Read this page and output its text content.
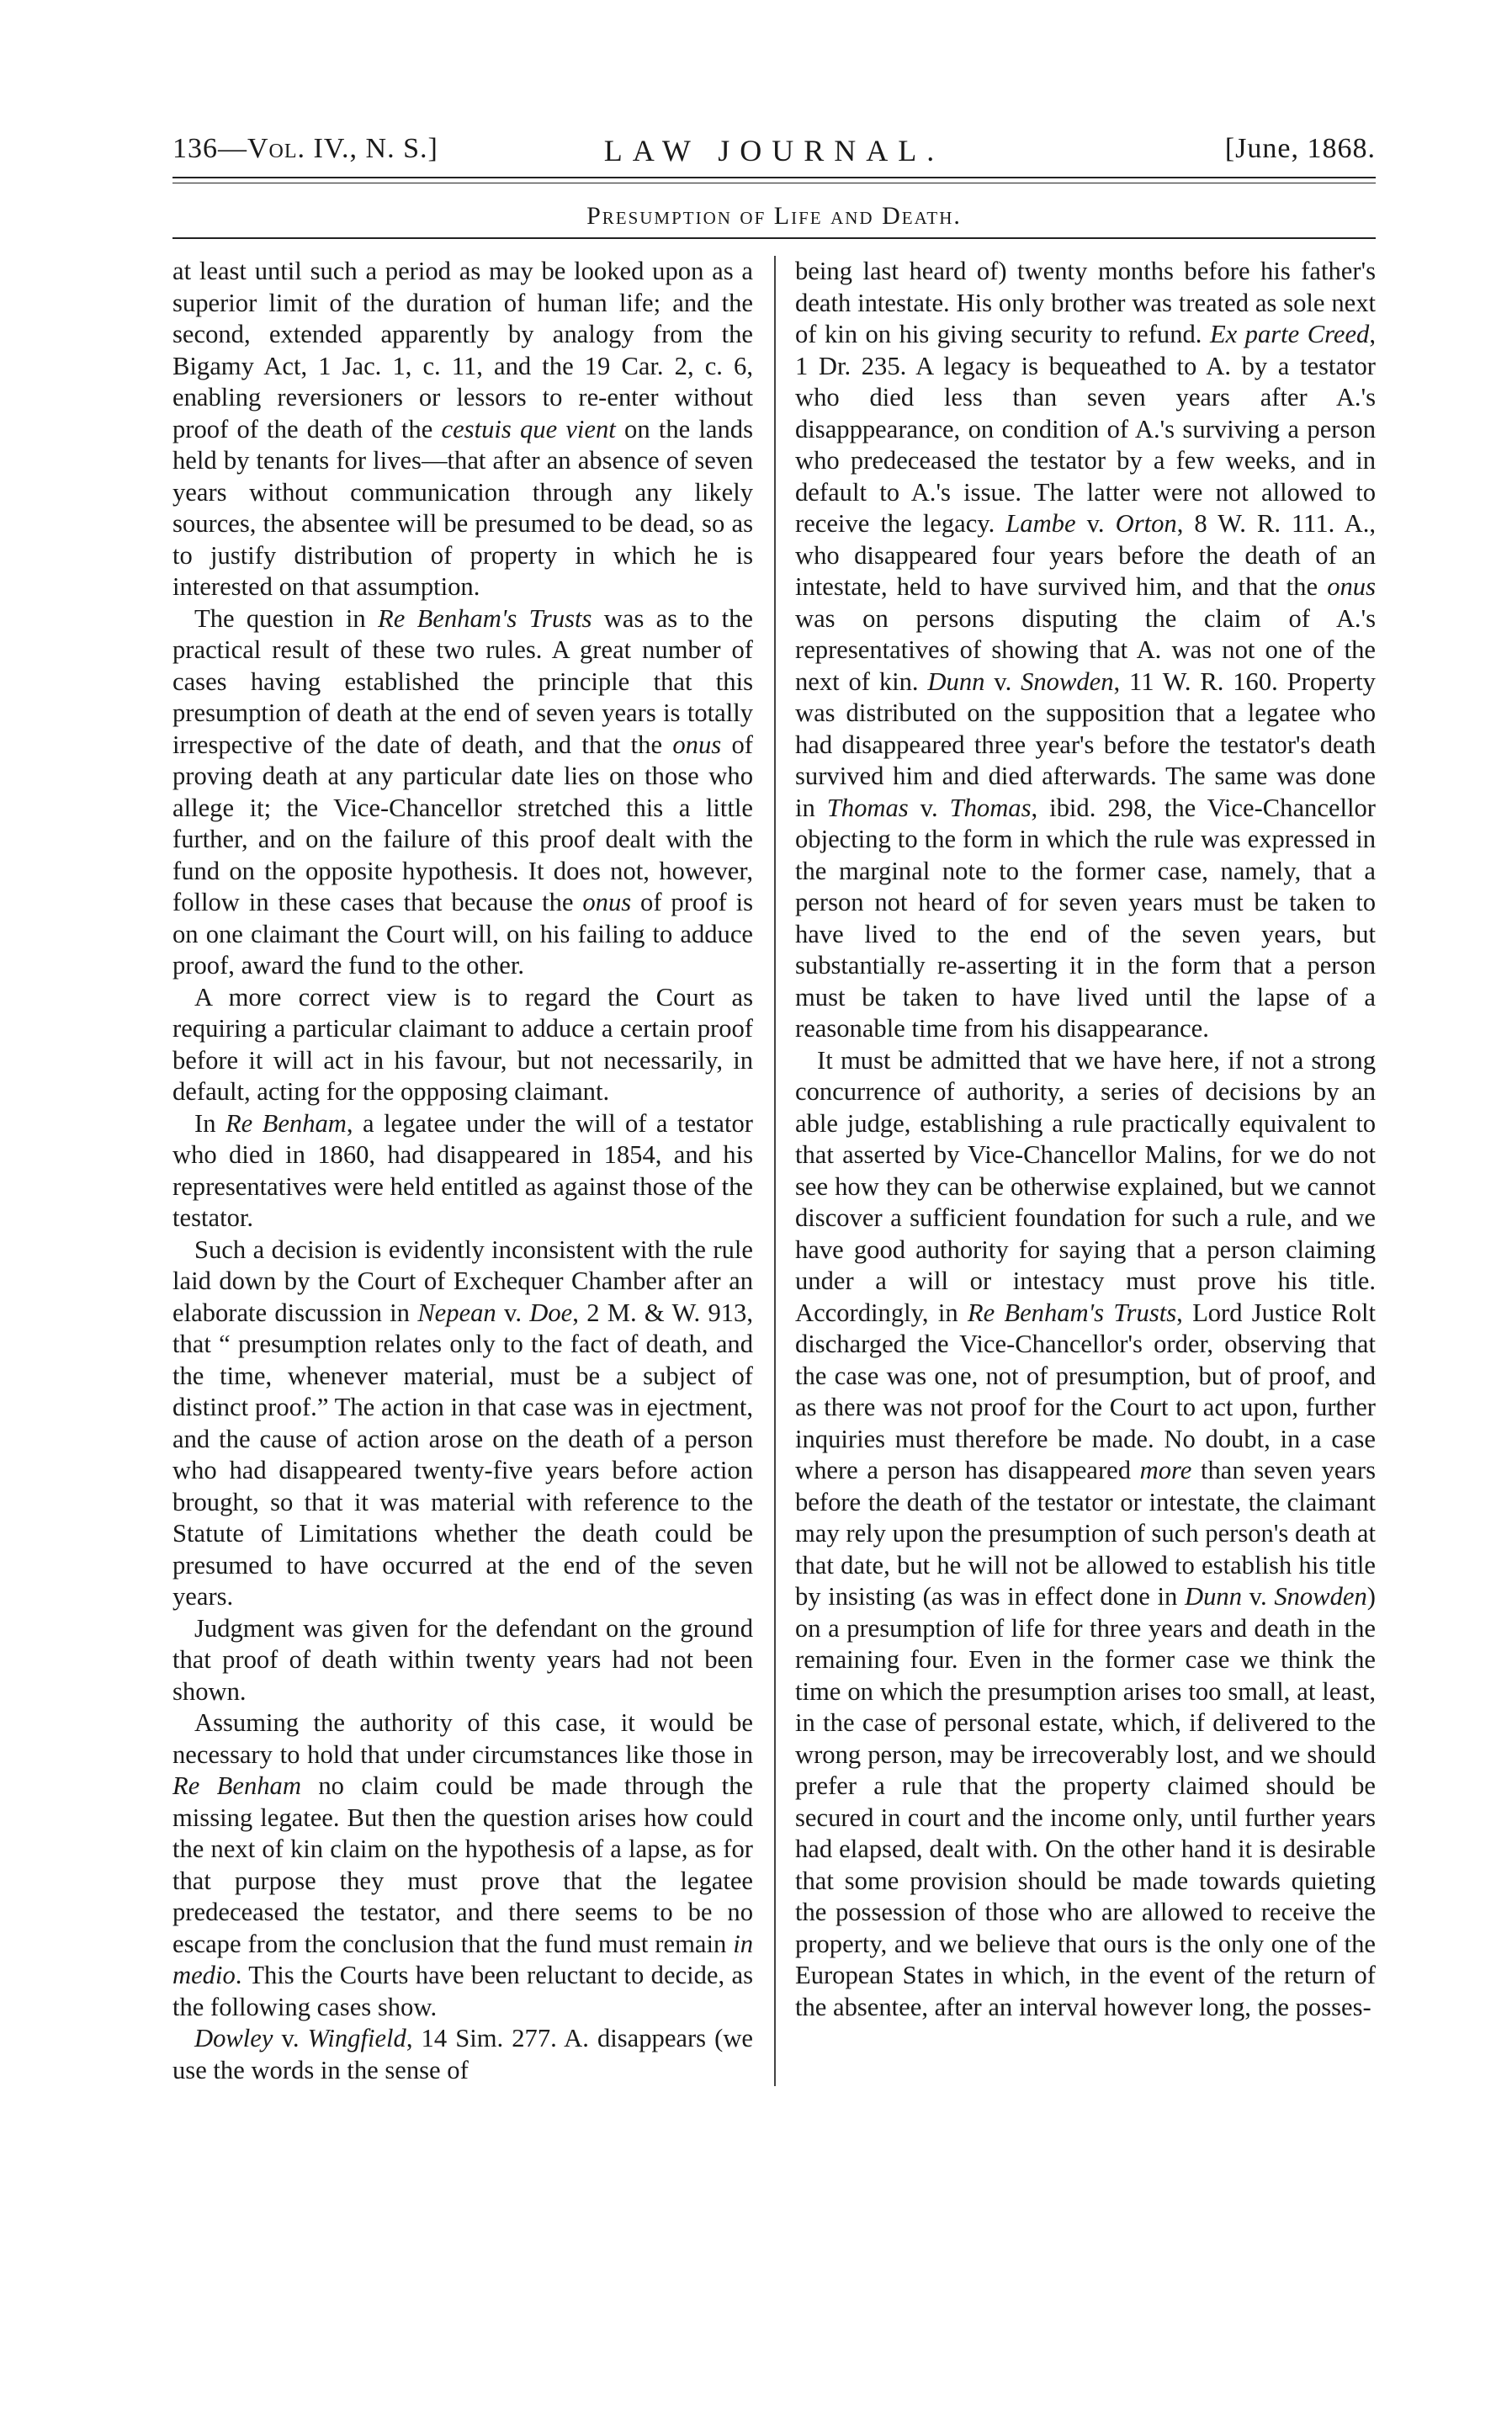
136—Vol. IV., N. S.]	LAW JOURNAL.	[June, 1868.
Presumption of Life and Death.

at least until such a period as may be looked upon as a superior limit of the duration of human life; and the second, extended apparently by analogy from the Bigamy Act, 1 Jac. 1, c. 11, and the 19 Car. 2, c. 6, enabling reversioners or lessors to re-enter without proof of the death of the cestuis que vient on the lands held by tenants for lives—that after an absence of seven years without communication through any likely sources, the absentee will be presumed to be dead, so as to justify distribution of property in which he is interested on that assumption.

The question in Re Benham's Trusts was as to the practical result of these two rules. A great number of cases having established the principle that this presumption of death at the end of seven years is totally irrespective of the date of death, and that the onus of proving death at any particular date lies on those who allege it; the Vice-Chancellor stretched this a little further, and on the failure of this proof dealt with the fund on the opposite hypothesis. It does not, however, follow in these cases that because the onus of proof is on one claimant the Court will, on his failing to adduce proof, award the fund to the other.

A more correct view is to regard the Court as requiring a particular claimant to adduce a certain proof before it will act in his favour, but not necessarily, in default, acting for the oppposing claimant.

In Re Benham, a legatee under the will of a testator who died in 1860, had disappeared in 1854, and his representatives were held entitled as against those of the testator.

Such a decision is evidently inconsistent with the rule laid down by the Court of Exchequer Chamber after an elaborate discussion in Nepean v. Doe, 2 M. & W. 913, that “ presumption relates only to the fact of death, and the time, whenever material, must be a subject of distinct proof.” The action in that case was in ejectment, and the cause of action arose on the death of a person who had disappeared twenty-five years before action brought, so that it was material with reference to the Statute of Limitations whether the death could be presumed to have occurred at the end of the seven years.

Judgment was given for the defendant on the ground that proof of death within twenty years had not been shown.

Assuming the authority of this case, it would be necessary to hold that under circumstances like those in Re Benham no claim could be made through the missing legatee. But then the question arises how could the next of kin claim on the hypothesis of a lapse, as for that purpose they must prove that the legatee predeceased the testator, and there seems to be no escape from the conclusion that the fund must remain in medio. This the Courts have been reluctant to decide, as the following cases show.

Dowley v. Wingfield, 14 Sim. 277. A. disappears (we use the words in the sense of

being last heard of) twenty months before his father's death intestate. His only brother was treated as sole next of kin on his giving security to refund. Ex parte Creed, 1 Dr. 235. A legacy is bequeathed to A. by a testator who died less than seven years after A.'s disapppearance, on condition of A.'s surviving a person who predeceased the testator by a few weeks, and in default to A.'s issue. The latter were not allowed to receive the legacy. Lambe v. Orton, 8 W. R. 111. A., who disappeared four years before the death of an intestate, held to have survived him, and that the onus was on persons disputing the claim of A.'s representatives of showing that A. was not one of the next of kin. Dunn v. Snowden, 11 W. R. 160. Property was distributed on the supposition that a legatee who had disappeared three year's before the testator's death survived him and died afterwards. The same was done in Thomas v. Thomas, ibid. 298, the Vice-Chancellor objecting to the form in which the rule was expressed in the marginal note to the former case, namely, that a person not heard of for seven years must be taken to have lived to the end of the seven years, but substantially re-asserting it in the form that a person must be taken to have lived until the lapse of a reasonable time from his disappearance.

It must be admitted that we have here, if not a strong concurrence of authority, a series of decisions by an able judge, establishing a rule practically equivalent to that asserted by Vice-Chancellor Malins, for we do not see how they can be otherwise explained, but we cannot discover a sufficient foundation for such a rule, and we have good authority for saying that a person claiming under a will or intestacy must prove his title. Accordingly, in Re Benham's Trusts, Lord Justice Rolt discharged the Vice-Chancellor's order, observing that the case was one, not of presumption, but of proof, and as there was not proof for the Court to act upon, further inquiries must therefore be made. No doubt, in a case where a person has disappeared more than seven years before the death of the testator or intestate, the claimant may rely upon the presumption of such person's death at that date, but he will not be allowed to establish his title by insisting (as was in effect done in Dunn v. Snowden) on a presumption of life for three years and death in the remaining four. Even in the former case we think the time on which the presumption arises too small, at least, in the case of personal estate, which, if delivered to the wrong person, may be irrecoverably lost, and we should prefer a rule that the property claimed should be secured in court and the income only, until further years had elapsed, dealt with. On the other hand it is desirable that some provision should be made towards quieting the possession of those who are allowed to receive the property, and we believe that ours is the only one of the European States in which, in the event of the return of the absentee, after an interval however long, the posses-
